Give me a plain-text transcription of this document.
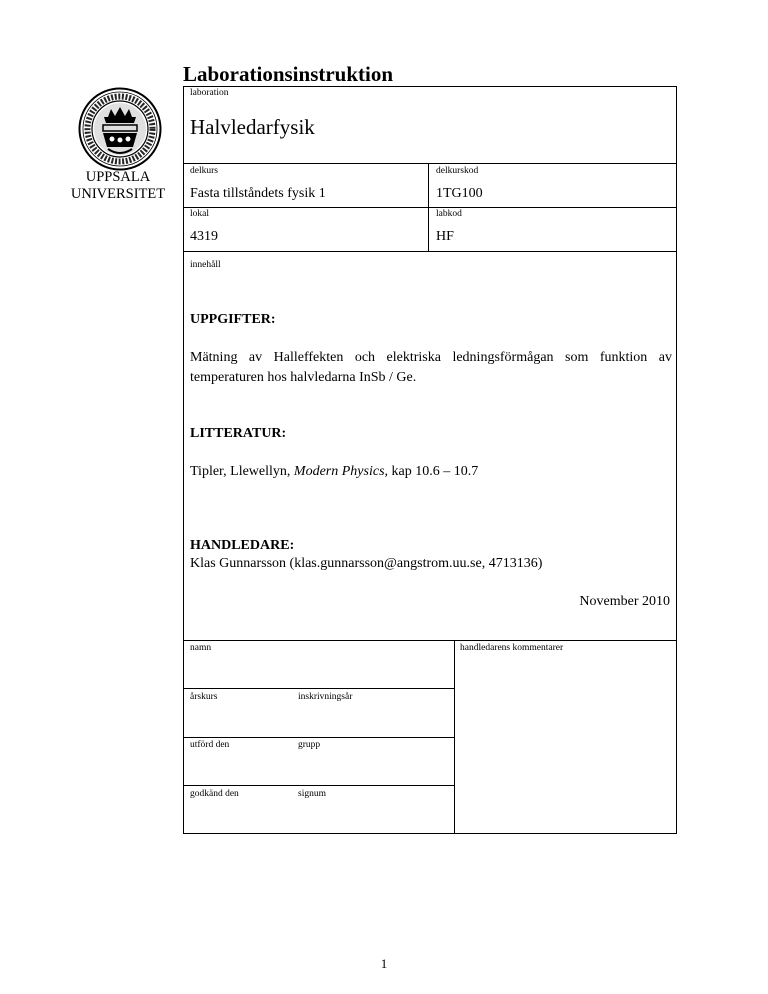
Laborationsinstruktion
UPPSALA
UNIVERSITET
laboration
Halvledarfysik
delkurs
Fasta tillståndets fysik 1
delkurskod
1TG100
lokal
4319
labkod
HF
innehåll
UPPGIFTER:
Mätning av Halleffekten och elektriska ledningsförmågan som funktion av temperaturen hos halvledarna InSb / Ge.
LITTERATUR:
Tipler, Llewellyn, Modern Physics, kap 10.6 – 10.7
HANDLEDARE:
Klas Gunnarsson (klas.gunnarsson@angstrom.uu.se, 4713136)
November 2010
namn	handledarens kommentarer
årskurs	inskrivningsår
utförd den	grupp
godkänd den	signum
1
